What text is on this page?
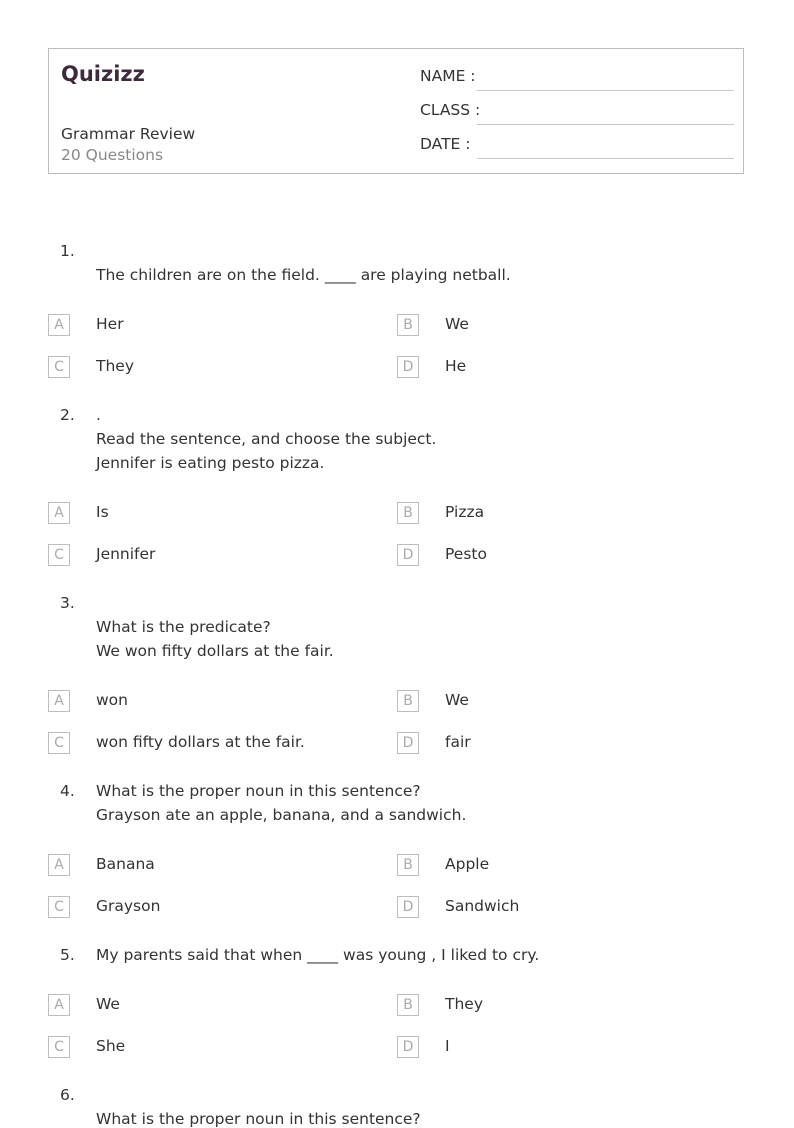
Quizizz
Grammar Review
20 Questions
NAME :
CLASS :
DATE :
1.
The children are on the field. ____ are playing netball.
A	Her	B	We
C	They	D	He
2. .
Read the sentence, and choose the subject.
Jennifer is eating pesto pizza.
A	Is	B	Pizza
C	Jennifer	D	Pesto
3.
What is the predicate?
We won fifty dollars at the fair.
A	won	B	We
C	won fifty dollars at the fair.	D	fair
4. What is the proper noun in this sentence?
Grayson ate an apple, banana, and a sandwich.
A	Banana	B	Apple
C	Grayson	D	Sandwich
5. My parents said that when ____ was young , I liked to cry.
A	We	B	They
C	She	D	I
6.
What is the proper noun in this sentence?
